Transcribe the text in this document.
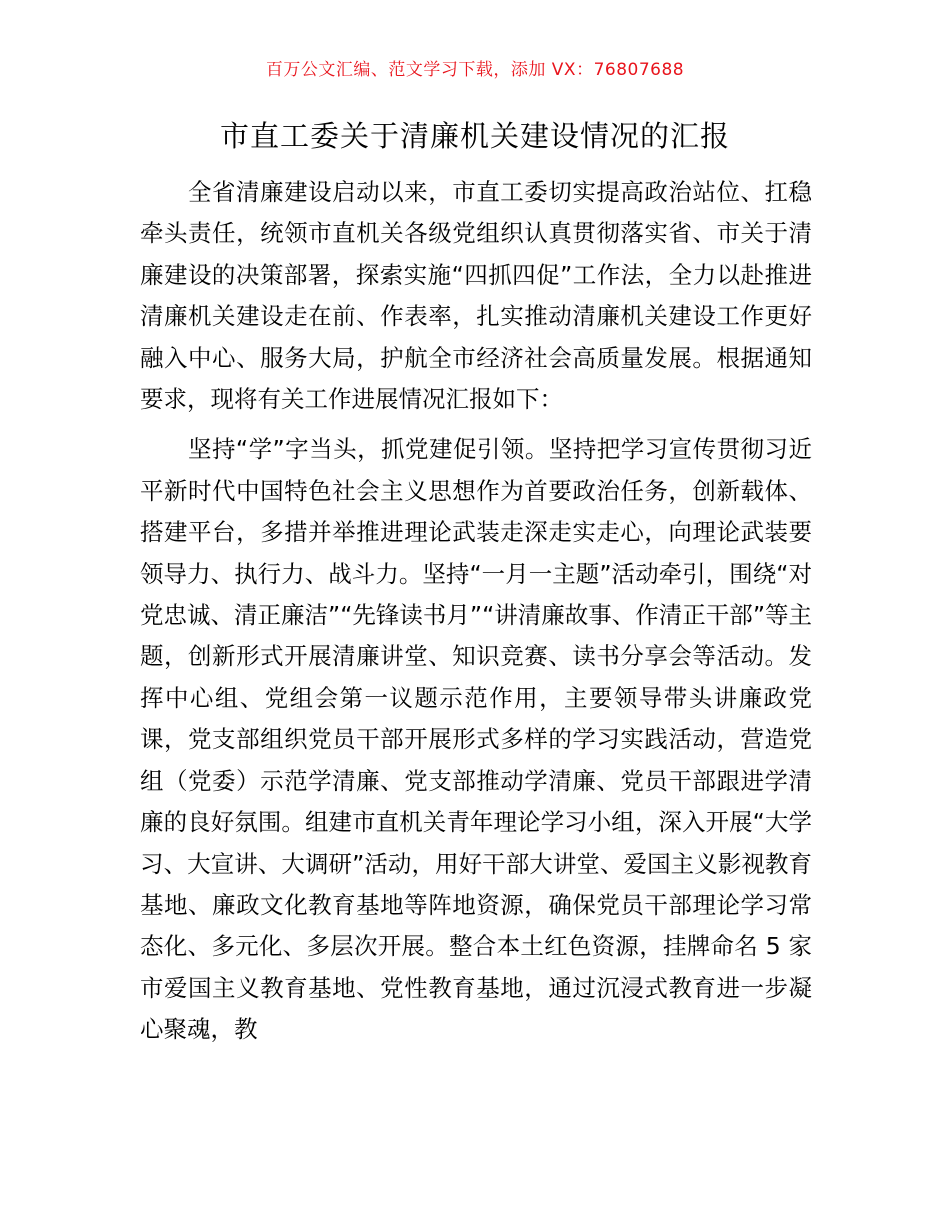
百万公文汇编、范文学习下载，添加 VX：76807688
市直工委关于清廉机关建设情况的汇报

全省清廉建设启动以来，市直工委切实提高政治站位、扛稳牵头责任，统领市直机关各级党组织认真贯彻落实省、市关于清廉建设的决策部署，探索实施“四抓四促”工作法，全力以赴推进清廉机关建设走在前、作表率，扎实推动清廉机关建设工作更好融入中心、服务大局，护航全市经济社会高质量发展。根据通知要求，现将有关工作进展情况汇报如下：

坚持“学”字当头，抓党建促引领。坚持把学习宣传贯彻习近平新时代中国特色社会主义思想作为首要政治任务，创新载体、搭建平台，多措并举推进理论武装走深走实走心，向理论武装要领导力、执行力、战斗力。坚持“一月一主题”活动牵引，围绕“对党忠诚、清正廉洁”“先锋读书月”“讲清廉故事、作清正干部”等主题，创新形式开展清廉讲堂、知识竞赛、读书分享会等活动。发挥中心组、党组会第一议题示范作用，主要领导带头讲廉政党课，党支部组织党员干部开展形式多样的学习实践活动，营造党组（党委）示范学清廉、党支部推动学清廉、党员干部跟进学清廉的良好氛围。组建市直机关青年理论学习小组，深入开展“大学习、大宣讲、大调研”活动，用好干部大讲堂、爱国主义影视教育基地、廉政文化教育基地等阵地资源，确保党员干部理论学习常态化、多元化、多层次开展。整合本土红色资源，挂牌命名 5 家市爱国主义教育基地、党性教育基地，通过沉浸式教育进一步凝心聚魂，教
